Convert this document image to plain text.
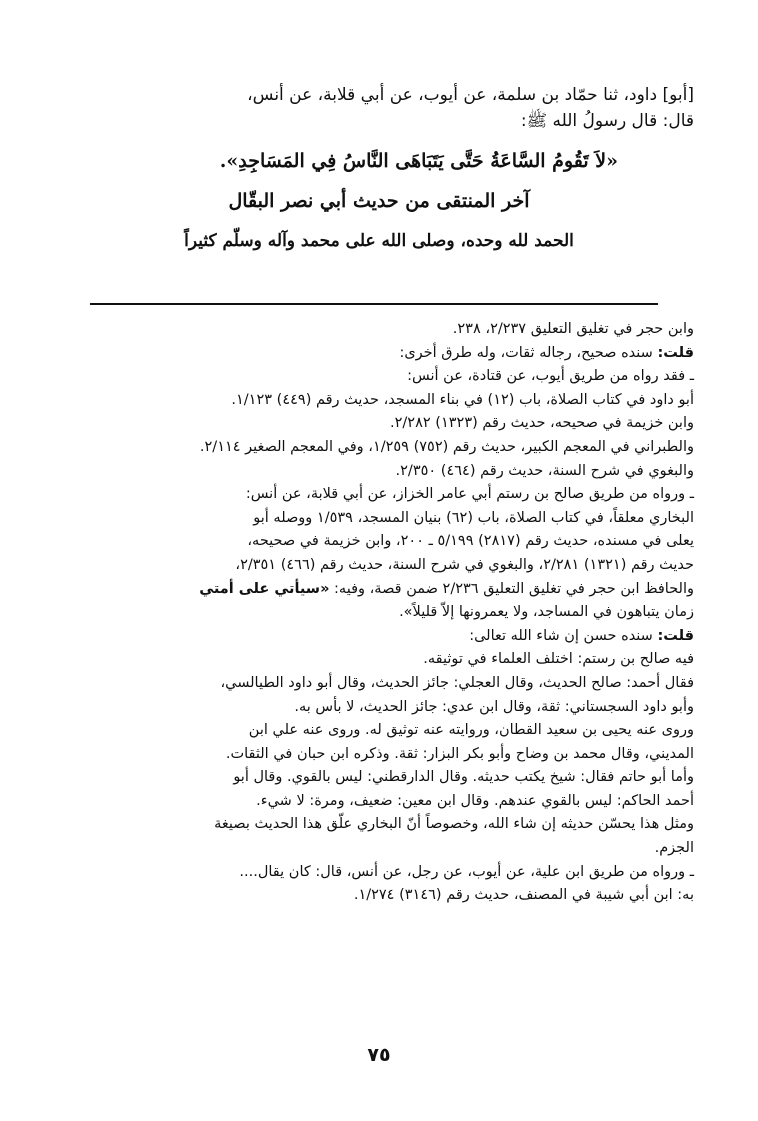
[أبو] داود، ثنا حمّاد بن سلمة، عن أيوب، عن أبي قلابة، عن أنس،
قال: قال رسولُ الله ﷺ:
«لاَ تَقُومُ السَّاعَةُ حَتَّى يَتَبَاهَى النَّاسُ فِي المَسَاجِدِ».
آخر المنتقى من حديث أبي نصر البقّال
الحمد لله وحده، وصلى الله على محمد وآله وسلّم كثيراً

وابن حجر في تغليق التعليق ٢/٢٣٧، ٢٣٨.

قلت: سنده صحيح، رجاله ثقات، وله طرق أخرى:

ـ فقد رواه من طريق أيوب، عن قتادة، عن أنس:

أبو داود في كتاب الصلاة، باب (١٢) في بناء المسجد، حديث رقم (٤٤٩) ١/١٢٣.

وابن خزيمة في صحيحه، حديث رقم (١٣٢٣) ٢/٢٨٢.

والطبراني في المعجم الكبير، حديث رقم (٧٥٢) ١/٢٥٩، وفي المعجم الصغير ٢/١١٤.

والبغوي في شرح السنة، حديث رقم (٤٦٤) ٢/٣٥٠.

ـ ورواه من طريق صالح بن رستم أبي عامر الخزاز، عن أبي قلابة، عن أنس:

البخاري معلقاً، في كتاب الصلاة، باب (٦٢) بنيان المسجد، ١/٥٣٩ ووصله أبو

يعلى في مسنده، حديث رقم (٢٨١٧) ٥/١٩٩ ـ ٢٠٠، وابن خزيمة في صحيحه،

حديث رقم (١٣٢١) ٢/٢٨١، والبغوي في شرح السنة، حديث رقم (٤٦٦) ٢/٣٥١،

والحافظ ابن حجر في تغليق التعليق ٢/٢٣٦ ضمن قصة، وفيه: «سيأتي على أمتي

زمان يتباهون في المساجد، ولا يعمرونها إلاّ قليلاً».

قلت: سنده حسن إن شاء الله تعالى:

فيه صالح بن رستم: اختلف العلماء في توثيقه.

فقال أحمد: صالح الحديث، وقال العجلي: جائز الحديث، وقال أبو داود الطيالسي،

وأبو داود السجستاني: ثقة، وقال ابن عدي: جائز الحديث، لا بأس به.

وروى عنه يحيى بن سعيد القطان، وروايته عنه توثيق له. وروى عنه علي ابن

المديني، وقال محمد بن وضاح وأبو بكر البزار: ثقة. وذكره ابن حبان في الثقات.

وأما أبو حاتم فقال: شيخ يكتب حديثه. وقال الدارقطني: ليس بالقوي. وقال أبو

أحمد الحاكم: ليس بالقوي عندهم. وقال ابن معين: ضعيف، ومرة: لا شيء.

ومثل هذا يحسّن حديثه إن شاء الله، وخصوصاً أنّ البخاري علّق هذا الحديث بصيغة

الجزم.

ـ ورواه من طريق ابن علية، عن أيوب، عن رجل، عن أنس، قال: كان يقال....

به: ابن أبي شيبة في المصنف، حديث رقم (٣١٤٦) ١/٢٧٤.

٧٥
